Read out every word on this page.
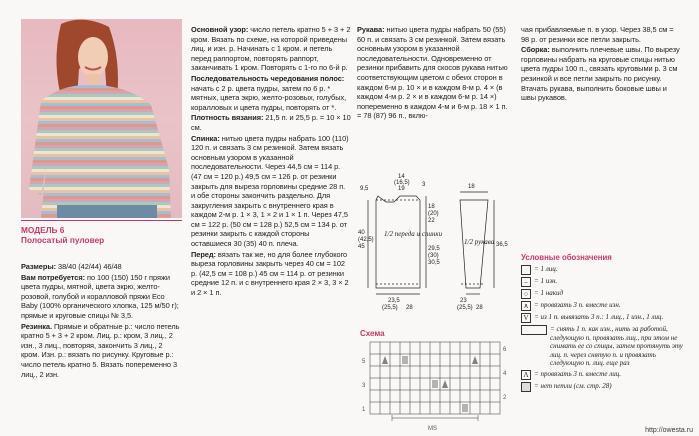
МОДЕЛЬ 6
Полосатый пуловер

Размеры: 38/40 (42/44) 46/48

Вам потребуется: по 100 (150) 150 г пряжи цвета пудры, мятной, цвета экрю, желто-розовой, голубой и коралловой пряжи Eco Baby (100% органического хлопка, 125 м/50 г); прямые и круговые спицы № 3,5.

Резинка. Прямые и обратные р.: число петель кратно 5 + 3 + 2 кром. Лиц. р.: кром, 3 лиц., 2 изн., 3 лиц., повторяя, закончить 3 лиц., 2 кром. Изн. р.: вязать по рисунку. Круговые р.: число петель кратно 5. Вязать попеременно 3 лиц., 2 изн.

Основной узор: число петель кратно 5 + 3 + 2 кром. Вязать по схеме, на которой приведены лиц. и изн. р. Начинать с 1 кром. и петель перед раппортом, повторять раппорт, заканчивать 1 кром. Повторять с 1-го по 6-й р.

Последовательность чередования полос: начать с 2 р. цвета пудры, затем по 6 р. * мятных, цвета экрю, желто-розовых, голубых, коралловых и цвета пудры, повторять от *.

Плотность вязания: 21,5 п. и 25,5 р. = 10 × 10 см.

Спинка: нитью цвета пудры набрать 100 (110) 120 п. и связать 3 см резинкой. Затем вязать основным узором в указанной последовательности. Через 44,5 см = 114 р. (47 см = 120 р.) 49,5 см = 126 р. от резинки закрыть для выреза горловины средние 28 п. и обе стороны закончить раздельно. Для закругления закрыть с внутреннего края в каждом 2-м р. 1 × 3, 1 × 2 и 1 × 1 п. Через 47,5 см = 122 р. (50 см = 128 р.) 52,5 см = 134 р. от резинки закрыть с каждой стороны оставшиеся 30 (35) 40 п. плеча.

Перед: вязать так же, но для более глубокого выреза горловины закрыть через 40 см = 102 р. (42,5 см = 108 р.) 45 см = 114 р. от резинки средние 12 п. и с внутреннего края 2 × 3, 3 × 2 и 2 × 1 п.

Рукава: нитью цвета пудры набрать 50 (55) 60 п. и связать 3 см резинкой. Затем вязать основным узором в указанной последовательности. Одновременно от резинки прибавить для скосов рукава нитью соответствующим цветом с обеих сторон в каждом 6-м р. 10 × и в каждом 8-м р. 4 × (в каждом 4-м р. 2 × и в каждом 6-м р. 14 ×) попеременно в каждом 4-м и 6-м р. 18 × 1 п. = 78 (87) 96 п., вклю-

чая прибавляемые п. в узор. Через 38,5 см = 98 р. от резинки все петли закрыть.

Сборка: выполнить плечевые швы. По вырезу горловины набрать на круговые спицы нитью цвета пудры 100 п., связать круговыми р. 3 см резинкой и все петли закрыть по рисунку. Втачать рукава, выполнить боковые швы и швы рукавов.

14
(16,5)
19
9,5
3
18
(20)
22
40
(42,5)
45	29,5
(30)
30,5
23,5
(25,5) 28
18
36,5
23
(25,5) 28
1/2 переда и спинки
1/2 рукава
Схема
1
3
5
2
4
6
MS
Условные обозначения
= 1 лиц.
– = 1 изн.
○ = 1 накид
∧ = провязать 3 п. вместе изн.
V = из 1 п. вывязать 3 п.: 1 лиц., 1 изн., 1 лиц.
= снять 1 п. как изн., нить за работой, следующую п. провязать лиц., при этом не снимать ее со спицы, затем протянуть эту лиц. п. через снятую п. и провязать следующую п. лиц. еще раз
Λ = провязать 3 п. вместе лиц.
= нет петли (см. стр. 28)
http://owesta.ru
